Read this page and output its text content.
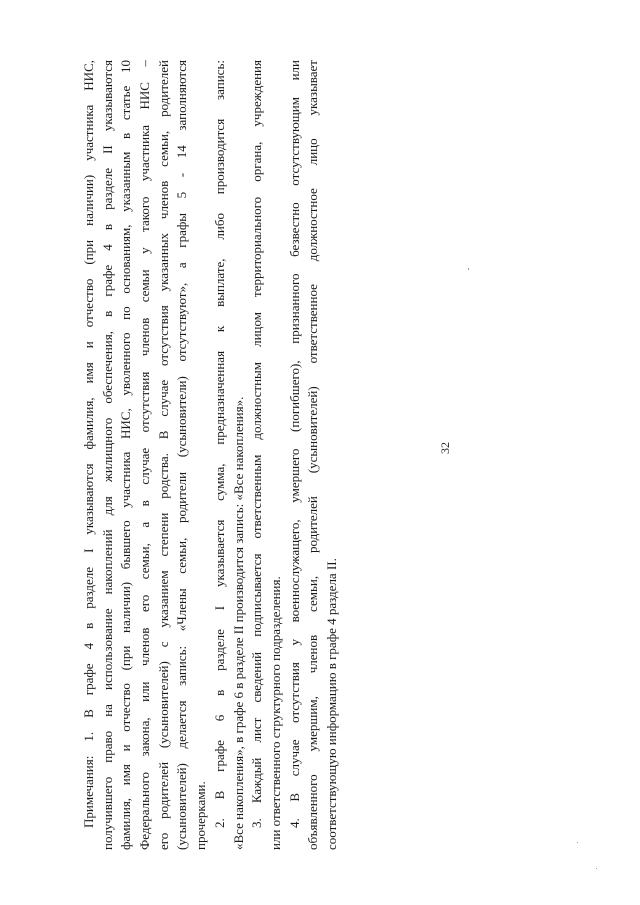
32
Примечания: 1. В графе 4 в разделе I указываются фамилия, имя и отчество (при наличии) участника НИС, получившего право на использование накоплений для жилищного обеспечения, в графе 4 в разделе II указываются фамилия, имя и отчество (при наличии) бывшего участника НИС, уволенного по основаниям, указанным в статье 10 Федерального закона, или членов его семьи, а в случае отсутствия членов семьи у такого участника НИС – его родителей (усыновителей) с указанием степени родства. В случае отсутствия указанных членов семьи, родителей (усыновителей) делается запись: «Члены семьи, родители (усыновители) отсутствуют», а графы 5 - 14 заполняются прочерками. 2. В графе 6 в разделе I указывается сумма, предназначенная к выплате, либо производится запись: «Все накопления», в графе 6 в разделе II производится запись: «Все накопления». 3. Каждый лист сведений подписывается ответственным должностным лицом территориального органа, учреждения или ответственного структурного подразделения. 4. В случае отсутствия у военнослужащего, умершего (погибшего), признанного безвестно отсутствующим или объявленного умершим, членов семьи, родителей (усыновителей) ответственное должностное лицо указывает соответствующую информацию в графе 4 раздела II.
